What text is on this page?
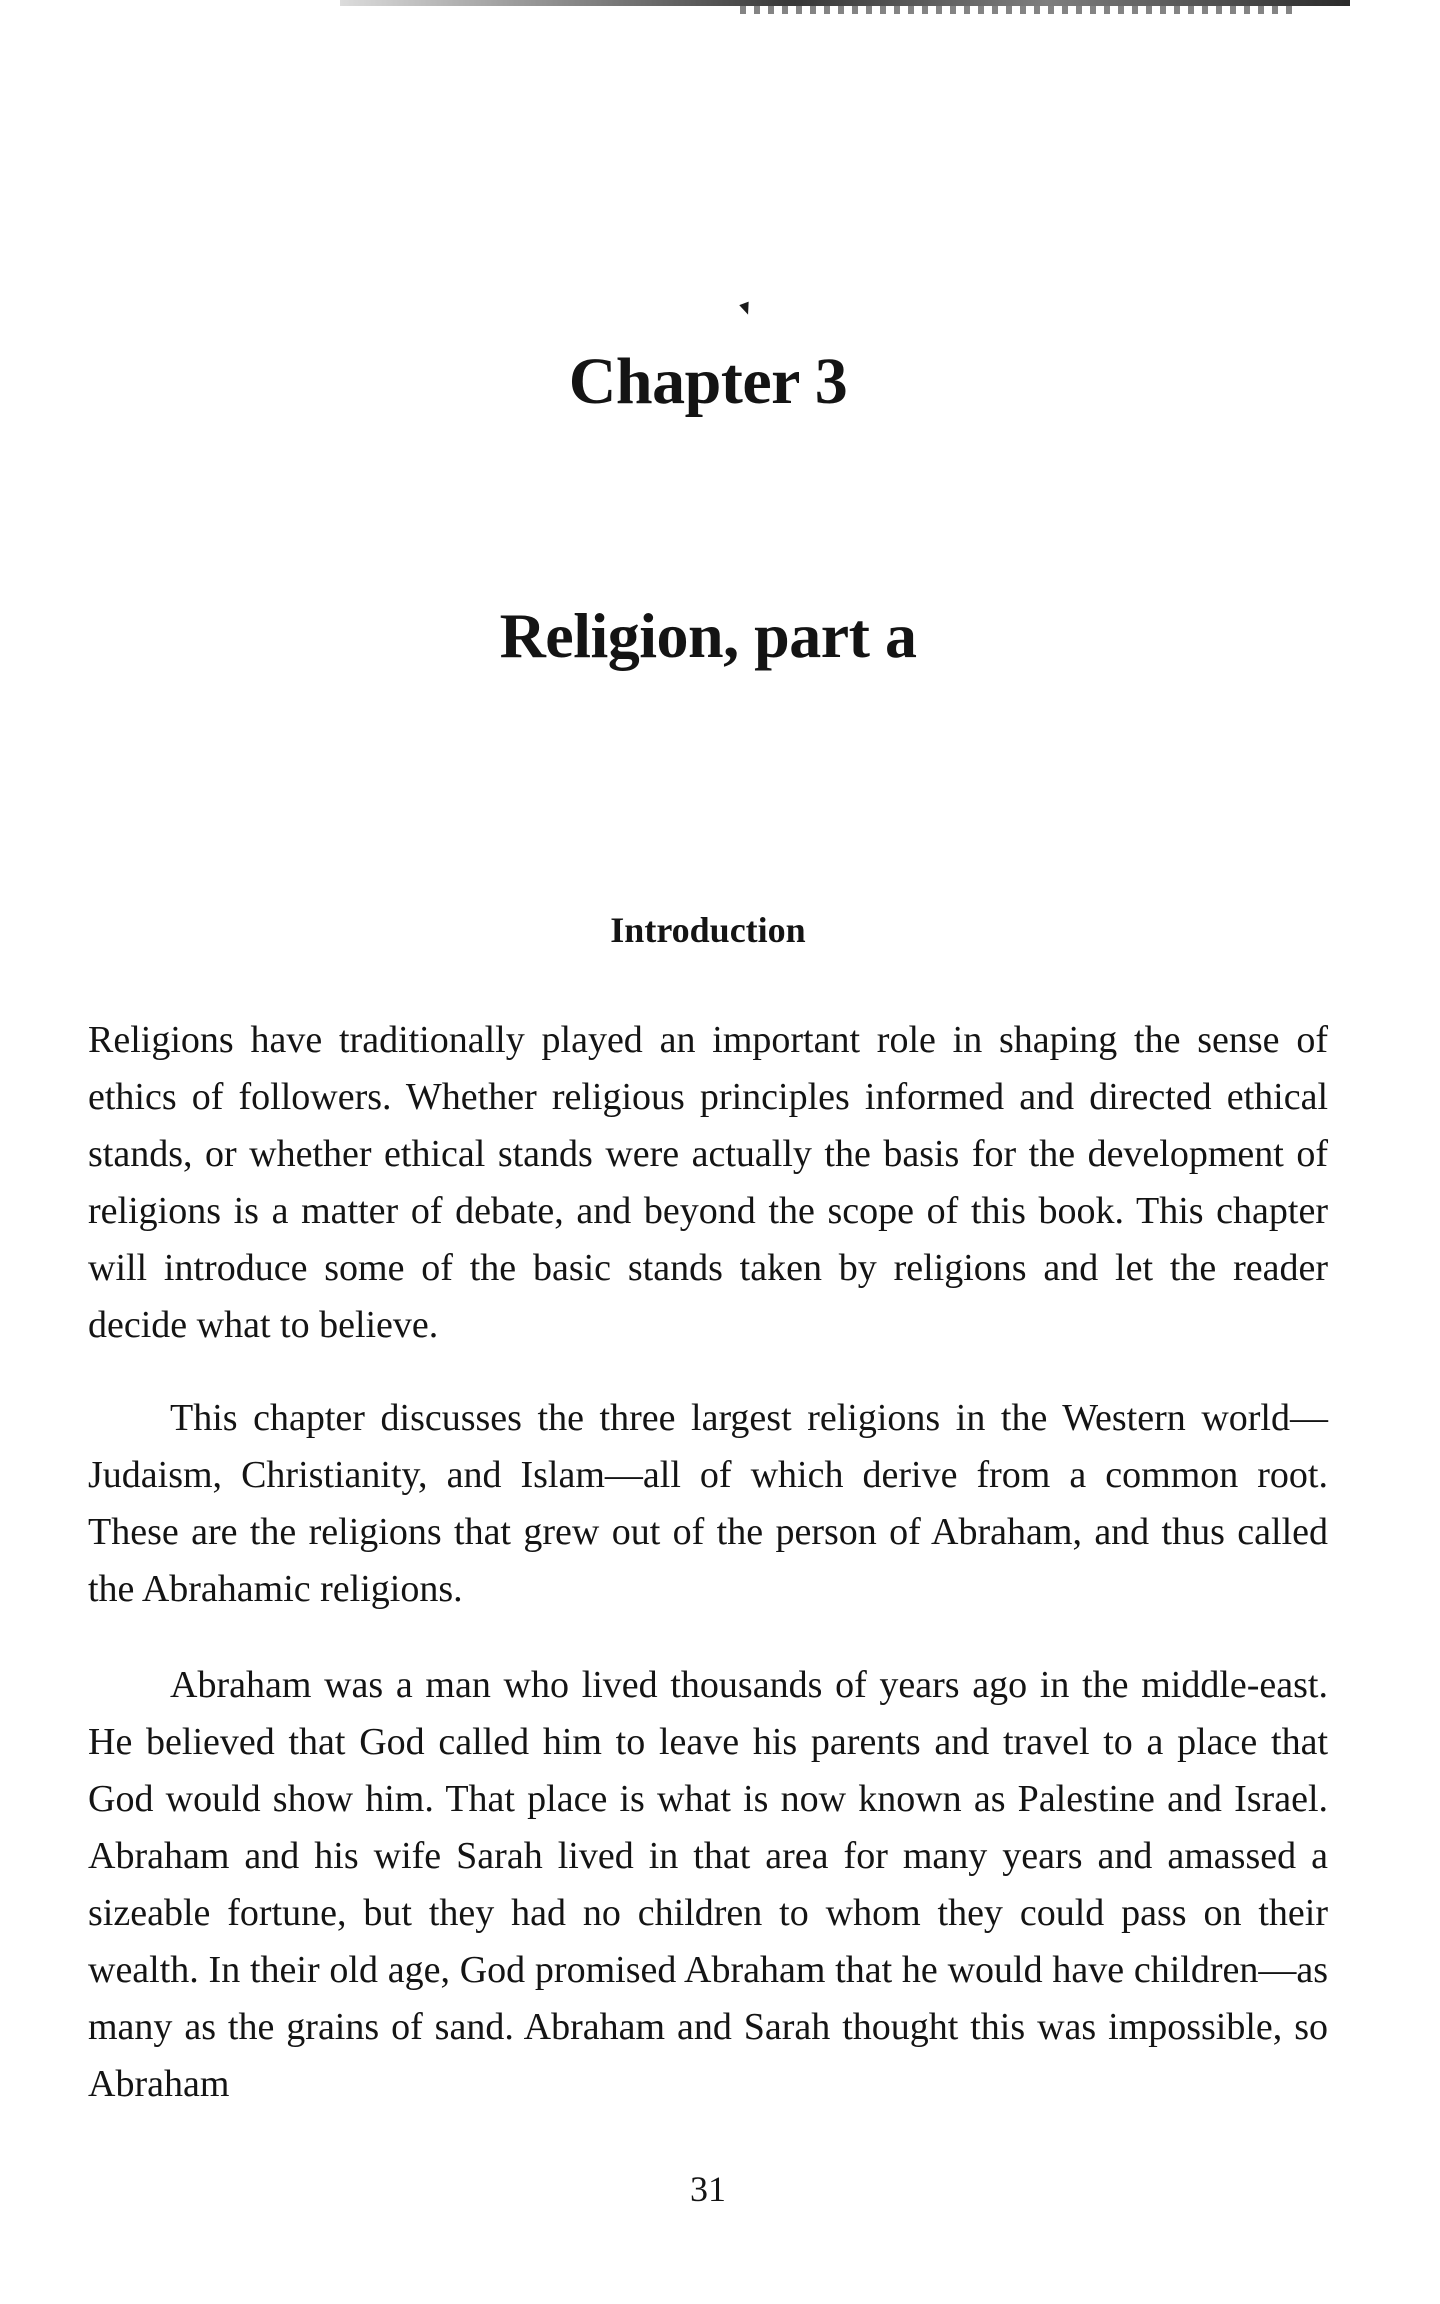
Chapter 3
Religion, part a
Introduction

Religions have traditionally played an important role in shaping the sense of ethics of followers. Whether religious principles informed and directed ethical stands, or whether ethical stands were actually the basis for the development of religions is a matter of debate, and beyond the scope of this book. This chapter will introduce some of the basic stands taken by religions and let the reader decide what to believe.

This chapter discusses the three largest religions in the Western world—Judaism, Christianity, and Islam—all of which derive from a common root. These are the religions that grew out of the person of Abraham, and thus called the Abrahamic religions.

Abraham was a man who lived thousands of years ago in the middle-east. He believed that God called him to leave his parents and travel to a place that God would show him. That place is what is now known as Palestine and Israel. Abraham and his wife Sarah lived in that area for many years and amassed a sizeable fortune, but they had no children to whom they could pass on their wealth. In their old age, God promised Abraham that he would have children—as many as the grains of sand. Abraham and Sarah thought this was impossible, so Abraham

31
